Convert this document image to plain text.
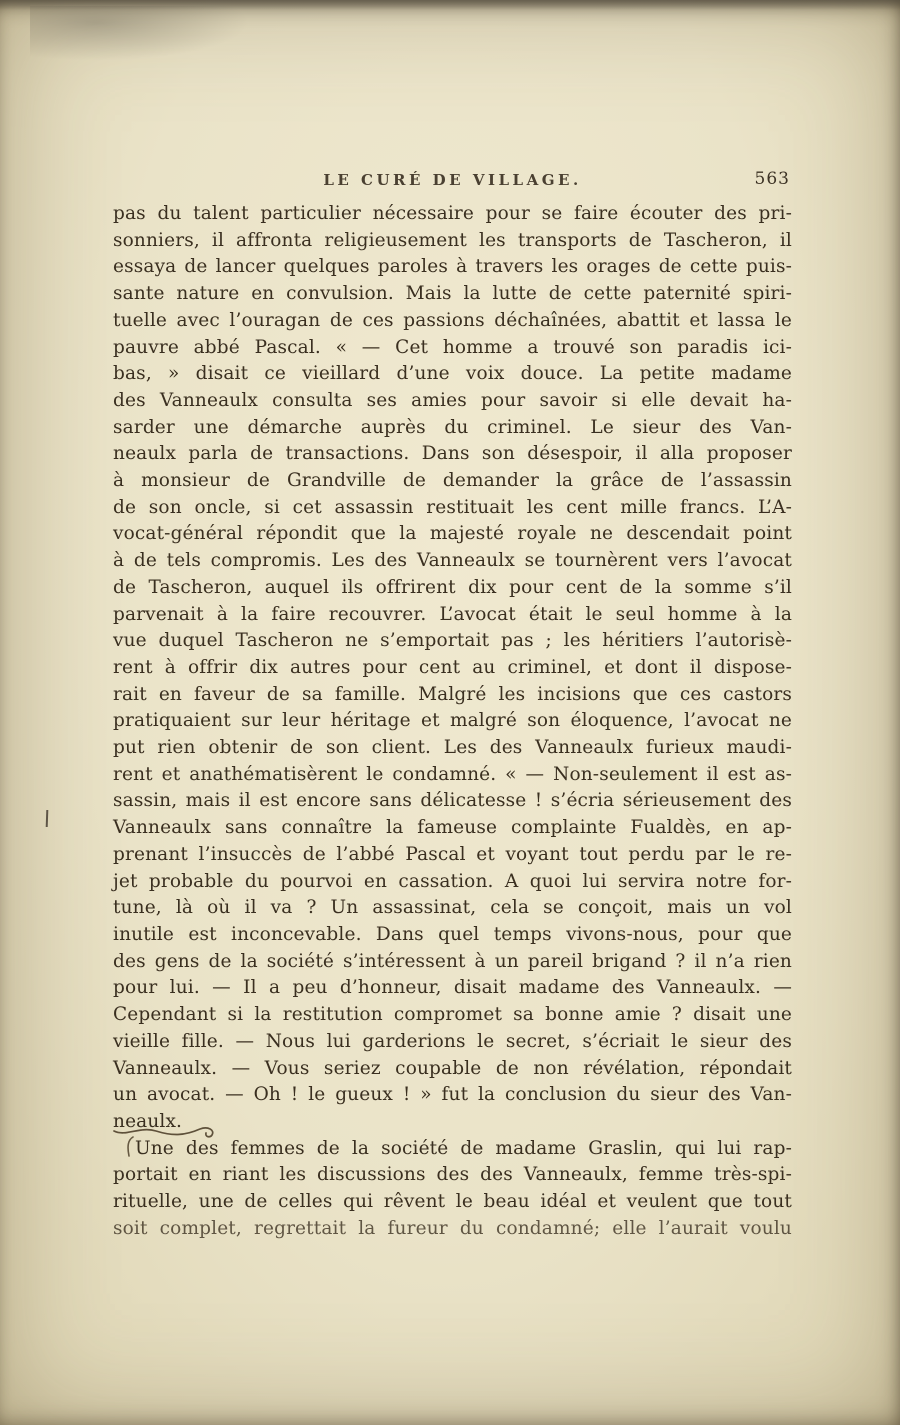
LE CURÉ DE VILLAGE.	563
pas du talent particulier nécessaire pour se faire écouter des pri-
sonniers, il affronta religieusement les transports de Tascheron, il
essaya de lancer quelques paroles à travers les orages de cette puis-
sante nature en convulsion. Mais la lutte de cette paternité spiri-
tuelle avec l’ouragan de ces passions déchaînées, abattit et lassa le
pauvre abbé Pascal. « — Cet homme a trouvé son paradis ici-
bas, » disait ce vieillard d’une voix douce. La petite madame
des Vanneaulx consulta ses amies pour savoir si elle devait ha-
sarder une démarche auprès du criminel. Le sieur des Van-
neaulx parla de transactions. Dans son désespoir, il alla proposer
à monsieur de Grandville de demander la grâce de l’assassin
de son oncle, si cet assassin restituait les cent mille francs. L’A-
vocat-général répondit que la majesté royale ne descendait point
à de tels compromis. Les des Vanneaulx se tournèrent vers l’avocat
de Tascheron, auquel ils offrirent dix pour cent de la somme s’il
parvenait à la faire recouvrer. L’avocat était le seul homme à la
vue duquel Tascheron ne s’emportait pas ; les héritiers l’autorisè-
rent à offrir dix autres pour cent au criminel, et dont il dispose-
rait en faveur de sa famille. Malgré les incisions que ces castors
pratiquaient sur leur héritage et malgré son éloquence, l’avocat ne
put rien obtenir de son client. Les des Vanneaulx furieux maudi-
rent et anathématisèrent le condamné. « — Non-seulement il est as-
sassin, mais il est encore sans délicatesse ! s’écria sérieusement des
Vanneaulx sans connaître la fameuse complainte Fualdès, en ap-
prenant l’insuccès de l’abbé Pascal et voyant tout perdu par le re-
jet probable du pourvoi en cassation. A quoi lui servira notre for-
tune, là où il va ? Un assassinat, cela se conçoit, mais un vol
inutile est inconcevable. Dans quel temps vivons-nous, pour que
des gens de la société s’intéressent à un pareil brigand ? il n’a rien
pour lui. — Il a peu d’honneur, disait madame des Vanneaulx. —
Cependant si la restitution compromet sa bonne amie ? disait une
vieille fille. — Nous lui garderions le secret, s’écriait le sieur des
Vanneaulx. — Vous seriez coupable de non révélation, répondait
un avocat. — Oh ! le gueux ! » fut la conclusion du sieur des Van-
neaulx.
Une des femmes de la société de madame Graslin, qui lui rap-
portait en riant les discussions des des Vanneaulx, femme très-spi-
rituelle, une de celles qui rêvent le beau idéal et veulent que tout
soit complet, regrettait la fureur du condamné; elle l’aurait voulu
